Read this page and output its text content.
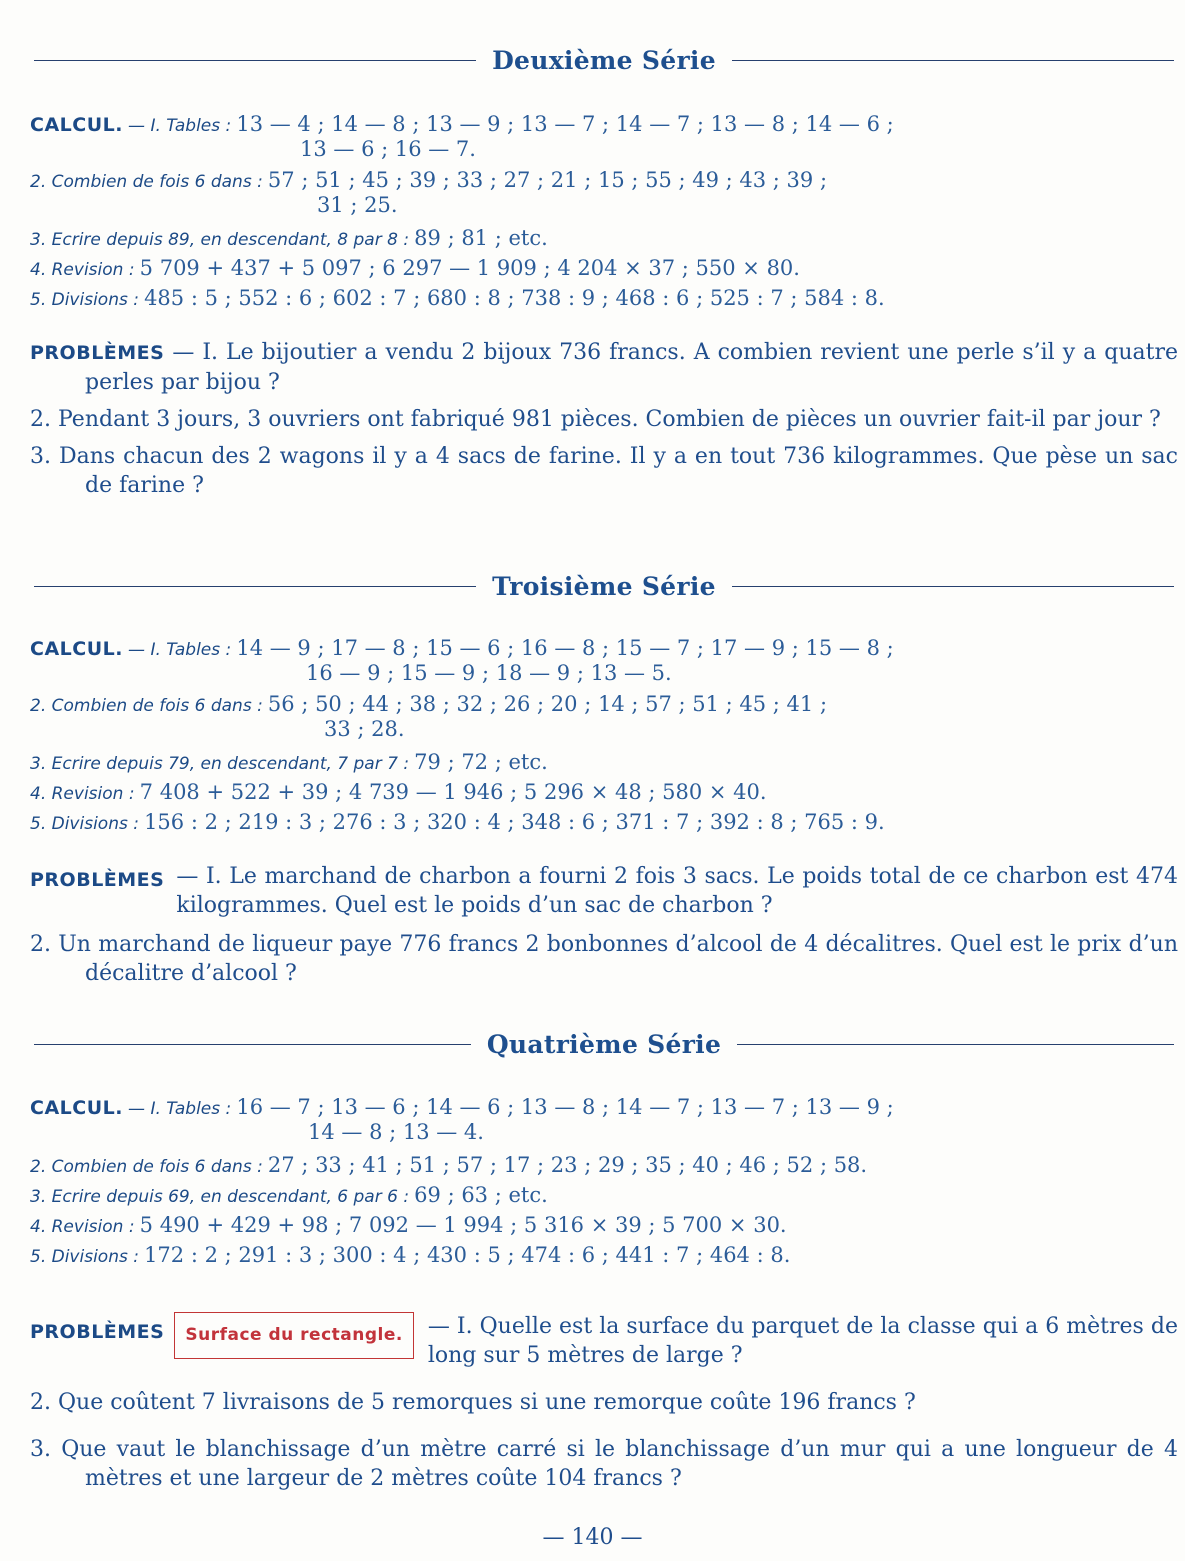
Deuxième Série
CALCUL. — I. Tables : 13 — 4 ; 14 — 8 ; 13 — 9 ; 13 — 7 ; 14 — 7 ; 13 — 8 ; 14 — 6 ;
13 — 6 ; 16 — 7.
2. Combien de fois 6 dans : 57 ; 51 ; 45 ; 39 ; 33 ; 27 ; 21 ; 15 ; 55 ; 49 ; 43 ; 39 ;
31 ; 25.
3. Ecrire depuis 89, en descendant, 8 par 8 : 89 ; 81 ; etc.
4. Revision : 5 709 + 437 + 5 097 ; 6 297 — 1 909 ; 4 204 × 37 ; 550 × 80.
5. Divisions : 485 : 5 ; 552 : 6 ; 602 : 7 ; 680 : 8 ; 738 : 9 ; 468 : 6 ; 525 : 7 ; 584 : 8.
PROBLÈMES — I. Le bijoutier a vendu 2 bijoux 736 francs. A combien revient une perle s’il y a quatre perles par bijou ?
2. Pendant 3 jours, 3 ouvriers ont fabriqué 981 pièces. Combien de pièces un ouvrier fait-il par jour ?
3. Dans chacun des 2 wagons il y a 4 sacs de farine. Il y a en tout 736 kilogrammes. Que pèse un sac de farine ?
Troisième Série
CALCUL. — I. Tables : 14 — 9 ; 17 — 8 ; 15 — 6 ; 16 — 8 ; 15 — 7 ; 17 — 9 ; 15 — 8 ;
16 — 9 ; 15 — 9 ; 18 — 9 ; 13 — 5.
2. Combien de fois 6 dans : 56 ; 50 ; 44 ; 38 ; 32 ; 26 ; 20 ; 14 ; 57 ; 51 ; 45 ; 41 ;
33 ; 28.
3. Ecrire depuis 79, en descendant, 7 par 7 : 79 ; 72 ; etc.
4. Revision : 7 408 + 522 + 39 ; 4 739 — 1 946 ; 5 296 × 48 ; 580 × 40.
5. Divisions : 156 : 2 ; 219 : 3 ; 276 : 3 ; 320 : 4 ; 348 : 6 ; 371 : 7 ; 392 : 8 ; 765 : 9.
PROBLÈMES — I. Le marchand de charbon a fourni 2 fois 3 sacs. Le poids total de ce charbon est 474 kilogrammes. Quel est le poids d’un sac de charbon ?
2. Un marchand de liqueur paye 776 francs 2 bonbonnes d’alcool de 4 décalitres. Quel est le prix d’un décalitre d’alcool ?
Quatrième Série
CALCUL. — I. Tables : 16 — 7 ; 13 — 6 ; 14 — 6 ; 13 — 8 ; 14 — 7 ; 13 — 7 ; 13 — 9 ;
14 — 8 ; 13 — 4.
2. Combien de fois 6 dans : 27 ; 33 ; 41 ; 51 ; 57 ; 17 ; 23 ; 29 ; 35 ; 40 ; 46 ; 52 ; 58.
3. Ecrire depuis 69, en descendant, 6 par 6 : 69 ; 63 ; etc.
4. Revision : 5 490 + 429 + 98 ; 7 092 — 1 994 ; 5 316 × 39 ; 5 700 × 30.
5. Divisions : 172 : 2 ; 291 : 3 ; 300 : 4 ; 430 : 5 ; 474 : 6 ; 441 : 7 ; 464 : 8.
PROBLÈMES	Surface du rectangle.	— I. Quelle est la surface du parquet de la classe qui a 6 mètres de long sur 5 mètres de large ?
2. Que coûtent 7 livraisons de 5 remorques si une remorque coûte 196 francs ?
3. Que vaut le blanchissage d’un mètre carré si le blanchissage d’un mur qui a une longueur de 4 mètres et une largeur de 2 mètres coûte 104 francs ?
— 140 —
